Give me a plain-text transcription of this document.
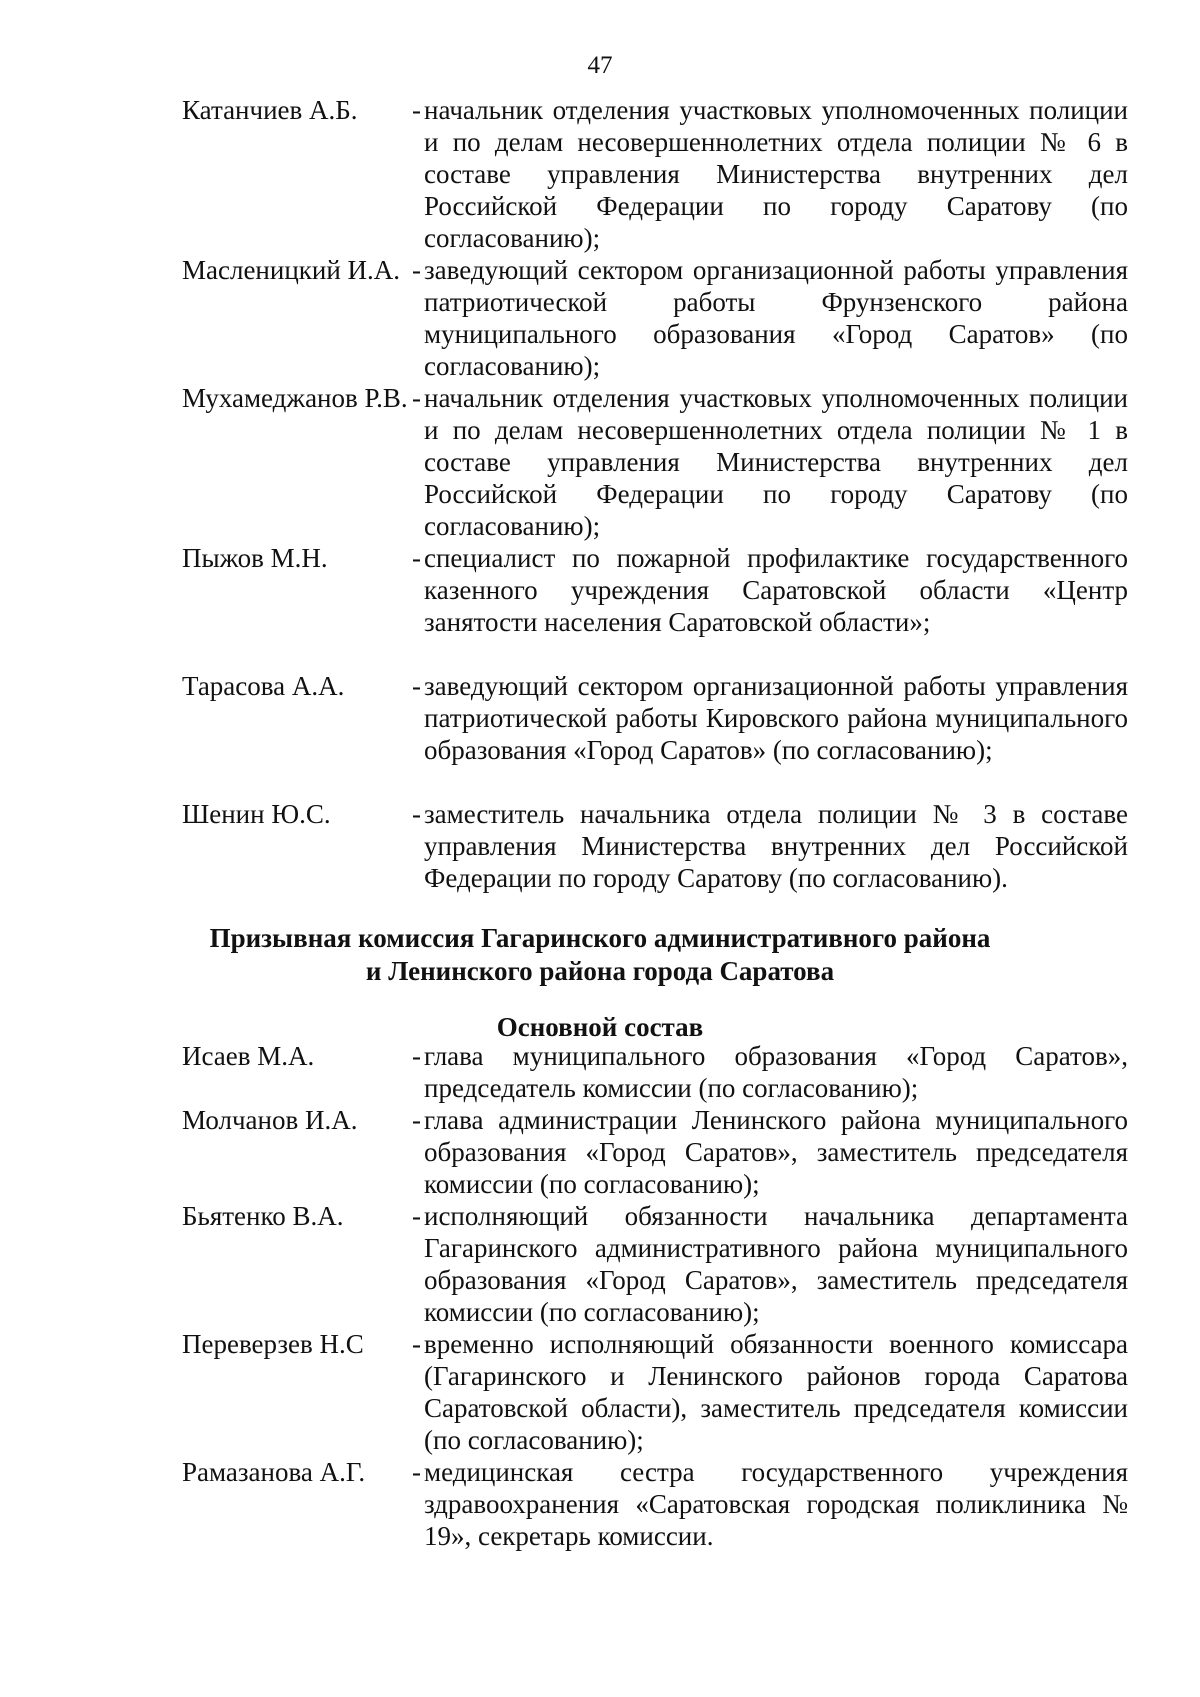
47
Катанчиев А.Б. - начальник отделения участковых уполномоченных полиции и по делам несовершеннолетних отдела полиции № 6 в составе управления Министерства внутренних дел Российской Федерации по городу Саратову (по согласованию);
Масленицкий И.А. - заведующий сектором организационной работы управления патриотической работы Фрунзенского района муниципального образования «Город Саратов» (по согласованию);
Мухамеджанов Р.В. - начальник отделения участковых уполномоченных полиции и по делам несовершеннолетних отдела полиции № 1 в составе управления Министерства внутренних дел Российской Федерации по городу Саратову (по согласованию);
Пыжов М.Н.	- специалист по пожарной профилактике государственного казенного учреждения Саратовской области «Центр занятости населения Саратовской области»;
Тарасова А.А.	- заведующий сектором организационной работы управления патриотической работы Кировского района муниципального образования «Город Саратов» (по согласованию);
Шенин Ю.С.	- заместитель начальника отдела полиции № 3 в составе управления Министерства внутренних дел Российской Федерации по городу Саратову (по согласованию).
Призывная комиссия Гагаринского административного района
и Ленинского района города Саратова
Основной состав
Исаев М.А.	- глава муниципального образования «Город Саратов», председатель комиссии (по согласованию);
Молчанов И.А. - глава администрации Ленинского района муниципального образования «Город Саратов», заместитель председателя комиссии (по согласованию);
Бьятенко В.А.	- исполняющий обязанности начальника департамента Гагаринского административного района муниципального образования «Город Саратов», заместитель председателя комиссии (по согласованию);
Переверзев Н.С - временно исполняющий обязанности военного комиссара (Гагаринского и Ленинского районов города Саратова Саратовской области), заместитель председателя комиссии (по согласованию);
Рамазанова А.Г. - медицинская сестра государственного учреждения здравоохранения «Саратовская городская поликлиника № 19», секретарь комиссии.
